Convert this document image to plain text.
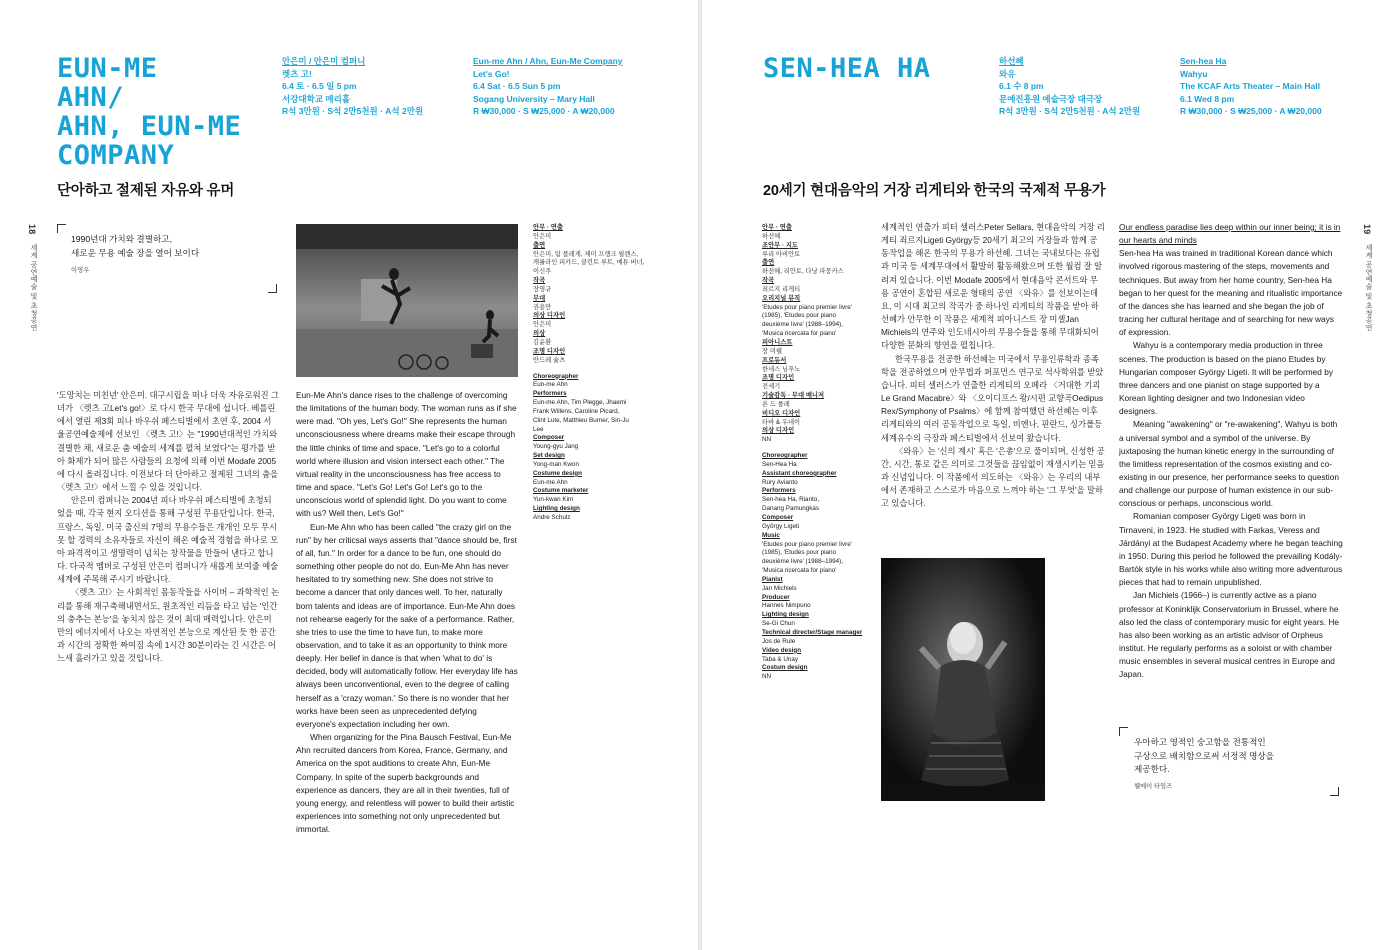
EUN-ME
AHN/
AHN, EUN-ME
COMPANY
안은미 / 안은미 컴퍼니
렛츠 고!
6.4 토 · 6.5 일 5 pm
서강대학교 메리홀
R석 3만원 · S석 2만5천원 · A석 2만원
Eun-me Ahn / Ahn, Eun-Me Company
Let's Go!
6.4 Sat · 6.5 Sun 5 pm
Sogang University – Mary Hall
R ₩30,000 · S ₩25,000 · A ₩20,000
단아하고 절제된 자유와 유머
18
세계 공연예술 및 초청공연
1990년대 가치와 결별하고,
새로운 무용 예술 장을 열어 보이다
이영우
안무 · 연출
안은미
출연
안은미, 팀 플레게, 제미 프랭크 윌렌스,
캐롤라인 피카드, 클린트 루트, 메튜 버너,
이신주
작곡
장영규
무대
권용만
의상 디자인
안은미
의상
김윤환
조명 디자인
안드레 슐츠
Choreographer
Eun-me Ahn
Performers
Eun-me Ahn, Tim Plegge, Jhaemi
Frank Willens, Caroline Picard,
Clint Lute, Matthieu Burner, Sin-Ju
Lee
Composer
Young-gyu Jang
Set design
Yong-man Kwon
Costume design
Eun-me Ahn
Costume marketer
Yun-kwan Kim
Lighting design
Andre Schulz

'도망치는 미친년' 안은미. 대구시립을 떠나 더욱 자유로워진 그녀가 〈렛츠 고Let's go!〉로 다시 한국 무대에 섭니다. 베를린에서 열린 제3회 피나 바우쉬 페스티벌에서 초연 후, 2004 서울공연예술제에 선보인 〈렛츠 고!〉는 "1990년대적인 가치와 결별한 채, 새로운 춤 예술의 세계를 펼쳐 보였다"는 평가를 받아 화제가 되어 많은 사람들의 요청에 의해 이번 Modafe 2005에 다시 올려집니다. 이전보다 더 단아하고 절제된 그녀의 춤을 〈렛츠 고!〉에서 느낄 수 있을 것입니다.

안은미 컴퍼니는 2004년 피나 바우쉬 페스티벌에 초청되었을 때, 각국 현지 오디션을 통해 구성된 무용단입니다. 한국, 프랑스, 독일, 미국 출신의 7명의 무용수들은 개개인 모두 무시 못 할 경력의 소유자들로 자신이 해온 예술적 경험을 하나로 모아 파격적이고 생명력이 넘치는 창작물을 만들어 낸다고 합니다. 다국적 멤버로 구성된 안은미 컴퍼니가 새롭게 보여줄 예술세계에 주목해 주시기 바랍니다.

〈렛츠 고!〉는 사회적인 몸동작들을 사이버 – 과학적인 논리를 통해 재구축해내면서도, 원초적인 리듬을 타고 넘는 '인간의 충추는 본능'을 놓치지 않은 것이 최대 매력입니다. 안은미만의 에너지에서 나오는 자연적인 본능으로 계산된 듯 한 공간과 시간의 정확한 짜여짐 속에 1시간 30분이라는 긴 시간은 어느새 흘러가고 있을 것입니다.

Eun-Me Ahn's dance rises to the challenge of overcoming the limitations of the human body. The woman runs as if she were mad. "Oh yes, Let's Go!" She represents the human unconsciousness where dreams make their escape through the little chinks of time and space. "Let's go to a colorful world where illusion and vision intersect each other." The virtual reality in the unconsciousness has free access to time and space. "Let's Go! Let's Go! Let's go to the unconscious world of splendid light. Do you want to come with us? Well then, Let's Go!"

Eun-Me Ahn who has been called "the crazy girl on the run" by her criticsal ways asserts that "dance should be, first of all, fun." In order for a dance to be fun, one should do something other people do not do. Eun-Me Ahn has never hesitated to try something new. She does not strive to become a dancer that only dances well. To her, naturally born talents and ideas are of importance. Eun-Me Ahn does not rehearse eagerly for the sake of a performance. Rather, she tries to use the time to have fun, to make more observation, and to take it as an opportunity to think more deeply. Her belief in dance is that when 'what to do' is decided, body will automatically follow. Her everyday life has always been unconventional, even to the degree of calling herself as a 'crazy woman.' So there is no wonder that her works have been seen as unprecedented defying everyone's expectation including her own.

When organizing for the Pina Bausch Festival, Eun-Me Ahn recruited dancers from Korea, France, Germany, and America on the spot auditions to create Ahn, Eun-Me Company. In spite of the superb backgrounds and experience as dancers, they are all in their twenties, full of young energy, and relentless will power to build their artistic experiences into something not only unprecedented but immortal.

SEN-HEA HA	하선혜
와유
6.1 수 8 pm
문예진흥원 예술극장 대극장
R석 3만원 · S석 2만5천원 · A석 2만원
Sen-hea Ha
Wahyu
The KCAF Arts Theater – Main Hall
6.1 Wed 8 pm
R ₩30,000 · S ₩25,000 · A ₩20,000
20세기 현대음악의 거장 리게티와 한국의 국제적 무용가
19
세계 공연예술 및 초청공연
안무 · 연출
하선혜
조안무 · 지도
루리 아비안토
출연
하선혜, 리안토, 다낭 파뭉카스
작곡
죄르지 리게티
오리지널 뮤직
'Etudes pour piano premier livre'
(1985), 'Etudes pour piano
deuxième livre' (1988–1994),
'Musica ricercata for piano'
피아니스트
장 미쉘
프로듀서
한네스 님푸노
조명 디자인
전세기
기술감독 · 무대 매니저
욘 드 룰레
비디오 디자인
타바 & 우네이
의상 디자인
NN
Choreographer
Sen-Hea Ha
Assistant choreographer
Rury Avianto
Performers
Sen-hea Ha, Rianto,
Danang Pamungkas
Composer
György Ligeti
Music
'Etudes pour piano premier livre'
(1985), 'Etudes pour piano
deuxième livre' (1988–1994),
'Musica ricercata for piano'
Pianist
Jan Michiels
Producer
Hannes Nimpuno
Lighting design
Se-Gi Chun
Technical directer/Stage manager
Jos de Rule
Video design
Taba & Unay
Costum design
NN

세계적인 연출가 피터 셀러스Peter Sellars, 현대음악의 거장 리게티 죄르지Ligeti György등 20세기 최고의 거장들과 함께 공동작업을 해온 한국의 무용가 하선혜. 그녀는 국내보다는 유럽과 미국 등 세계무대에서 활발히 활동해왔으며 또한 월컴 잘 알려져 있습니다. 이번 Modafe 2005에서 현대음악 콘서트와 무용 공연이 혼합된 새로운 형태의 공연 〈와유〉를 선보이는데요, 이 시대 최고의 작곡가 중 하나인 리게티의 작품을 받아 하선혜가 안무한 이 작품은 세계적 피아니스트 장 미셸Jan Michiels의 연주와 인도네시아의 무용수들을 통해 무대화되어 다양한 문화의 향연을 펼칩니다.

한국무용을 전공한 하선혜는 미국에서 무용인류학과 종족학을 전공하였으며 안무법과 퍼포먼스 연구로 석사학위를 받았습니다. 피터 셀러스가 연출한 리게티의 오페라 〈거대한 기괴Le Grand Macabre〉와 〈오이디프스 왕/시편 교향곡Oedipus Rex/Symphony of Psalms〉에 함께 참여했던 하선혜는 이후 리게티와의 여러 공동작업으로 독일, 비엔나, 핀란드, 싱가폴등 세계유수의 극장과 페스티벌에서 선보여 왔습니다.

〈와유〉는 '신의 계시' 혹은 '은총'으로 풀이되며, 신성한 공간, 시간, 통로 같은 의미로 그것들을 끊임없이 재생시키는 믿음과 신념입니다. 이 작품에서 의도하는 〈와유〉는 우리의 내부에서 존재하고 스스로가 마음으로 느껴야 하는 '그 무엇'을 말하고 있습니다.

Our endless paradise lies deep within our inner being; it is in our hearts and minds

Sen-hea Ha was trained in traditional Korean dance which involved rigorous mastering of the steps, movements and techniques. But away from her home country, Sen-hea Ha began to her quest for the meaning and ritualistic importance of the dances she has learned and she began the job of tracing her cultural heritage and of searching for new ways of expression.

Wahyu is a contemporary media production in three scenes. The production is based on the piano Etudes by Hungarian composer György Ligeti. It will be performed by three dancers and one pianist on stage supported by a Korean lighting designer and two Indonesian video designers.

Meaning "awakening" or "re-awakening", Wahyu is both a universal symbol and a symbol of the universe. By juxtaposing the human kinetic energy in the surrounding of the limitless representation of the cosmos existing and co-existing in our presence, her performance seeks to question and challenge our purpose of human existence in our sub-conscious or perhaps, unconscious world.

Romanian composer György Ligeti was born in Tirnaveni, in 1923. He studied with Farkas, Veress and Járdányi at the Budapest Academy where he began teaching in 1950. During this period he followed the prevailing Kodály-Bartók style in his works while also writing more adventurous pieces that had to remain unpublished.

Jan Michiels (1966–) is currently active as a piano professor at Koninklijk Conservatorium in Brussel, where he also led the class of contemporary music for eight years. He has also been working as an artistic advisor of Orpheus institut. He regularly performs as a soloist or with chamber music ensembles in several musical centres in Europe and Japan.

우아하고 영적인 숭고함을 전통적인
구상으로 배치함으로써 서정적 명상을
제공한다.
웰메이 타임즈
